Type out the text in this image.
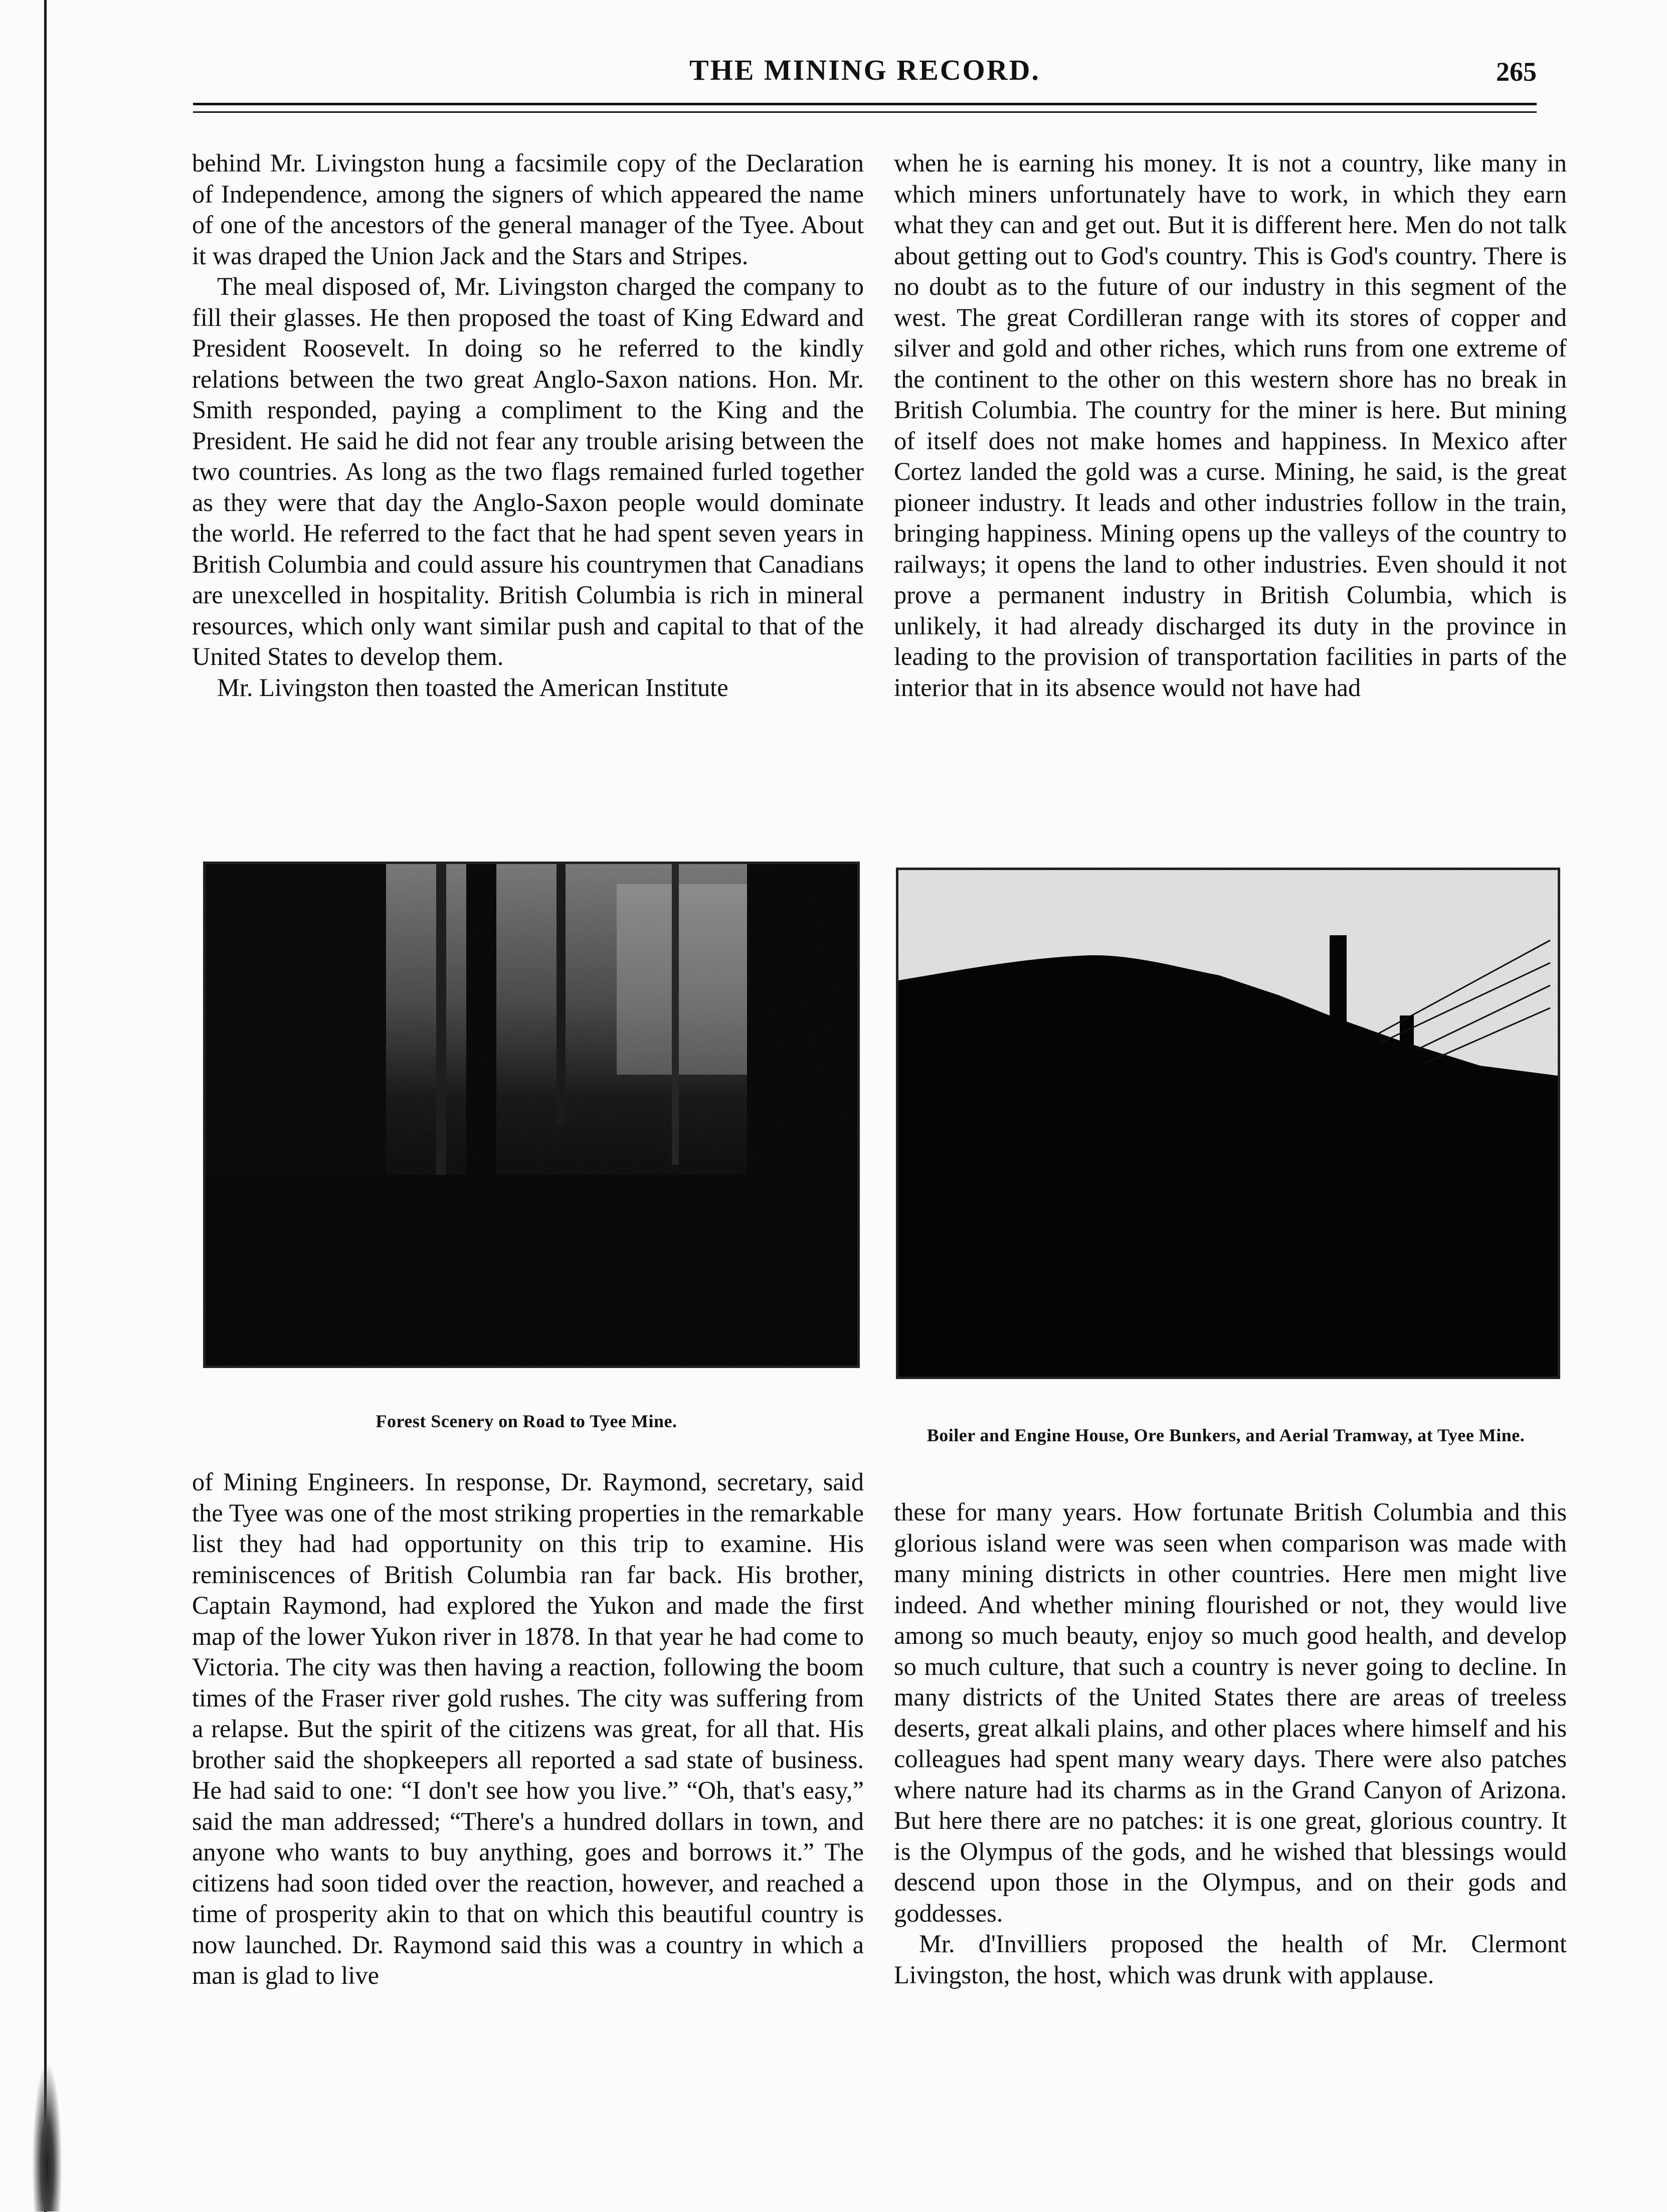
THE MINING RECORD.	265

behind Mr. Livingston hung a facsimile copy of the Declaration of Independence, among the signers of which appeared the name of one of the ancestors of the general manager of the Tyee. About it was draped the Union Jack and the Stars and Stripes.

The meal disposed of, Mr. Livingston charged the company to fill their glasses. He then proposed the toast of King Edward and President Roosevelt. In doing so he referred to the kindly relations between the two great Anglo-Saxon nations. Hon. Mr. Smith responded, paying a compliment to the King and the President. He said he did not fear any trouble arising between the two countries. As long as the two flags remained furled together as they were that day the Anglo-Saxon people would dominate the world. He referred to the fact that he had spent seven years in British Columbia and could assure his countrymen that Canadians are unexcelled in hospitality. British Columbia is rich in mineral resources, which only want similar push and capital to that of the United States to develop them.

Mr. Livingston then toasted the American Institute

when he is earning his money. It is not a country, like many in which miners unfortunately have to work, in which they earn what they can and get out. But it is different here. Men do not talk about getting out to God's country. This is God's country. There is no doubt as to the future of our industry in this segment of the west. The great Cordilleran range with its stores of copper and silver and gold and other riches, which runs from one extreme of the continent to the other on this western shore has no break in British Columbia. The country for the miner is here. But mining of itself does not make homes and happiness. In Mexico after Cortez landed the gold was a curse. Mining, he said, is the great pioneer industry. It leads and other industries follow in the train, bringing happiness. Mining opens up the valleys of the country to railways; it opens the land to other industries. Even should it not prove a permanent industry in British Columbia, which is unlikely, it had already discharged its duty in the province in leading to the provision of transportation facilities in parts of the interior that in its absence would not have had

Forest Scenery on Road to Tyee Mine.
Boiler and Engine House, Ore Bunkers, and Aerial Tramway, at Tyee Mine.

of Mining Engineers. In response, Dr. Raymond, secretary, said the Tyee was one of the most striking properties in the remarkable list they had had opportunity on this trip to examine. His reminiscences of British Columbia ran far back. His brother, Captain Raymond, had explored the Yukon and made the first map of the lower Yukon river in 1878. In that year he had come to Victoria. The city was then having a reaction, following the boom times of the Fraser river gold rushes. The city was suffering from a relapse. But the spirit of the citizens was great, for all that. His brother said the shopkeepers all reported a sad state of business. He had said to one: “I don't see how you live.” “Oh, that's easy,” said the man addressed; “There's a hundred dollars in town, and anyone who wants to buy anything, goes and borrows it.” The citizens had soon tided over the reaction, however, and reached a time of prosperity akin to that on which this beautiful country is now launched. Dr. Raymond said this was a country in which a man is glad to live

these for many years. How fortunate British Columbia and this glorious island were was seen when comparison was made with many mining districts in other countries. Here men might live indeed. And whether mining flourished or not, they would live among so much beauty, enjoy so much good health, and develop so much culture, that such a country is never going to decline. In many districts of the United States there are areas of treeless deserts, great alkali plains, and other places where himself and his colleagues had spent many weary days. There were also patches where nature had its charms as in the Grand Canyon of Arizona. But here there are no patches: it is one great, glorious country. It is the Olympus of the gods, and he wished that blessings would descend upon those in the Olympus, and on their gods and goddesses.

Mr. d'Invilliers proposed the health of Mr. Clermont Livingston, the host, which was drunk with applause.
